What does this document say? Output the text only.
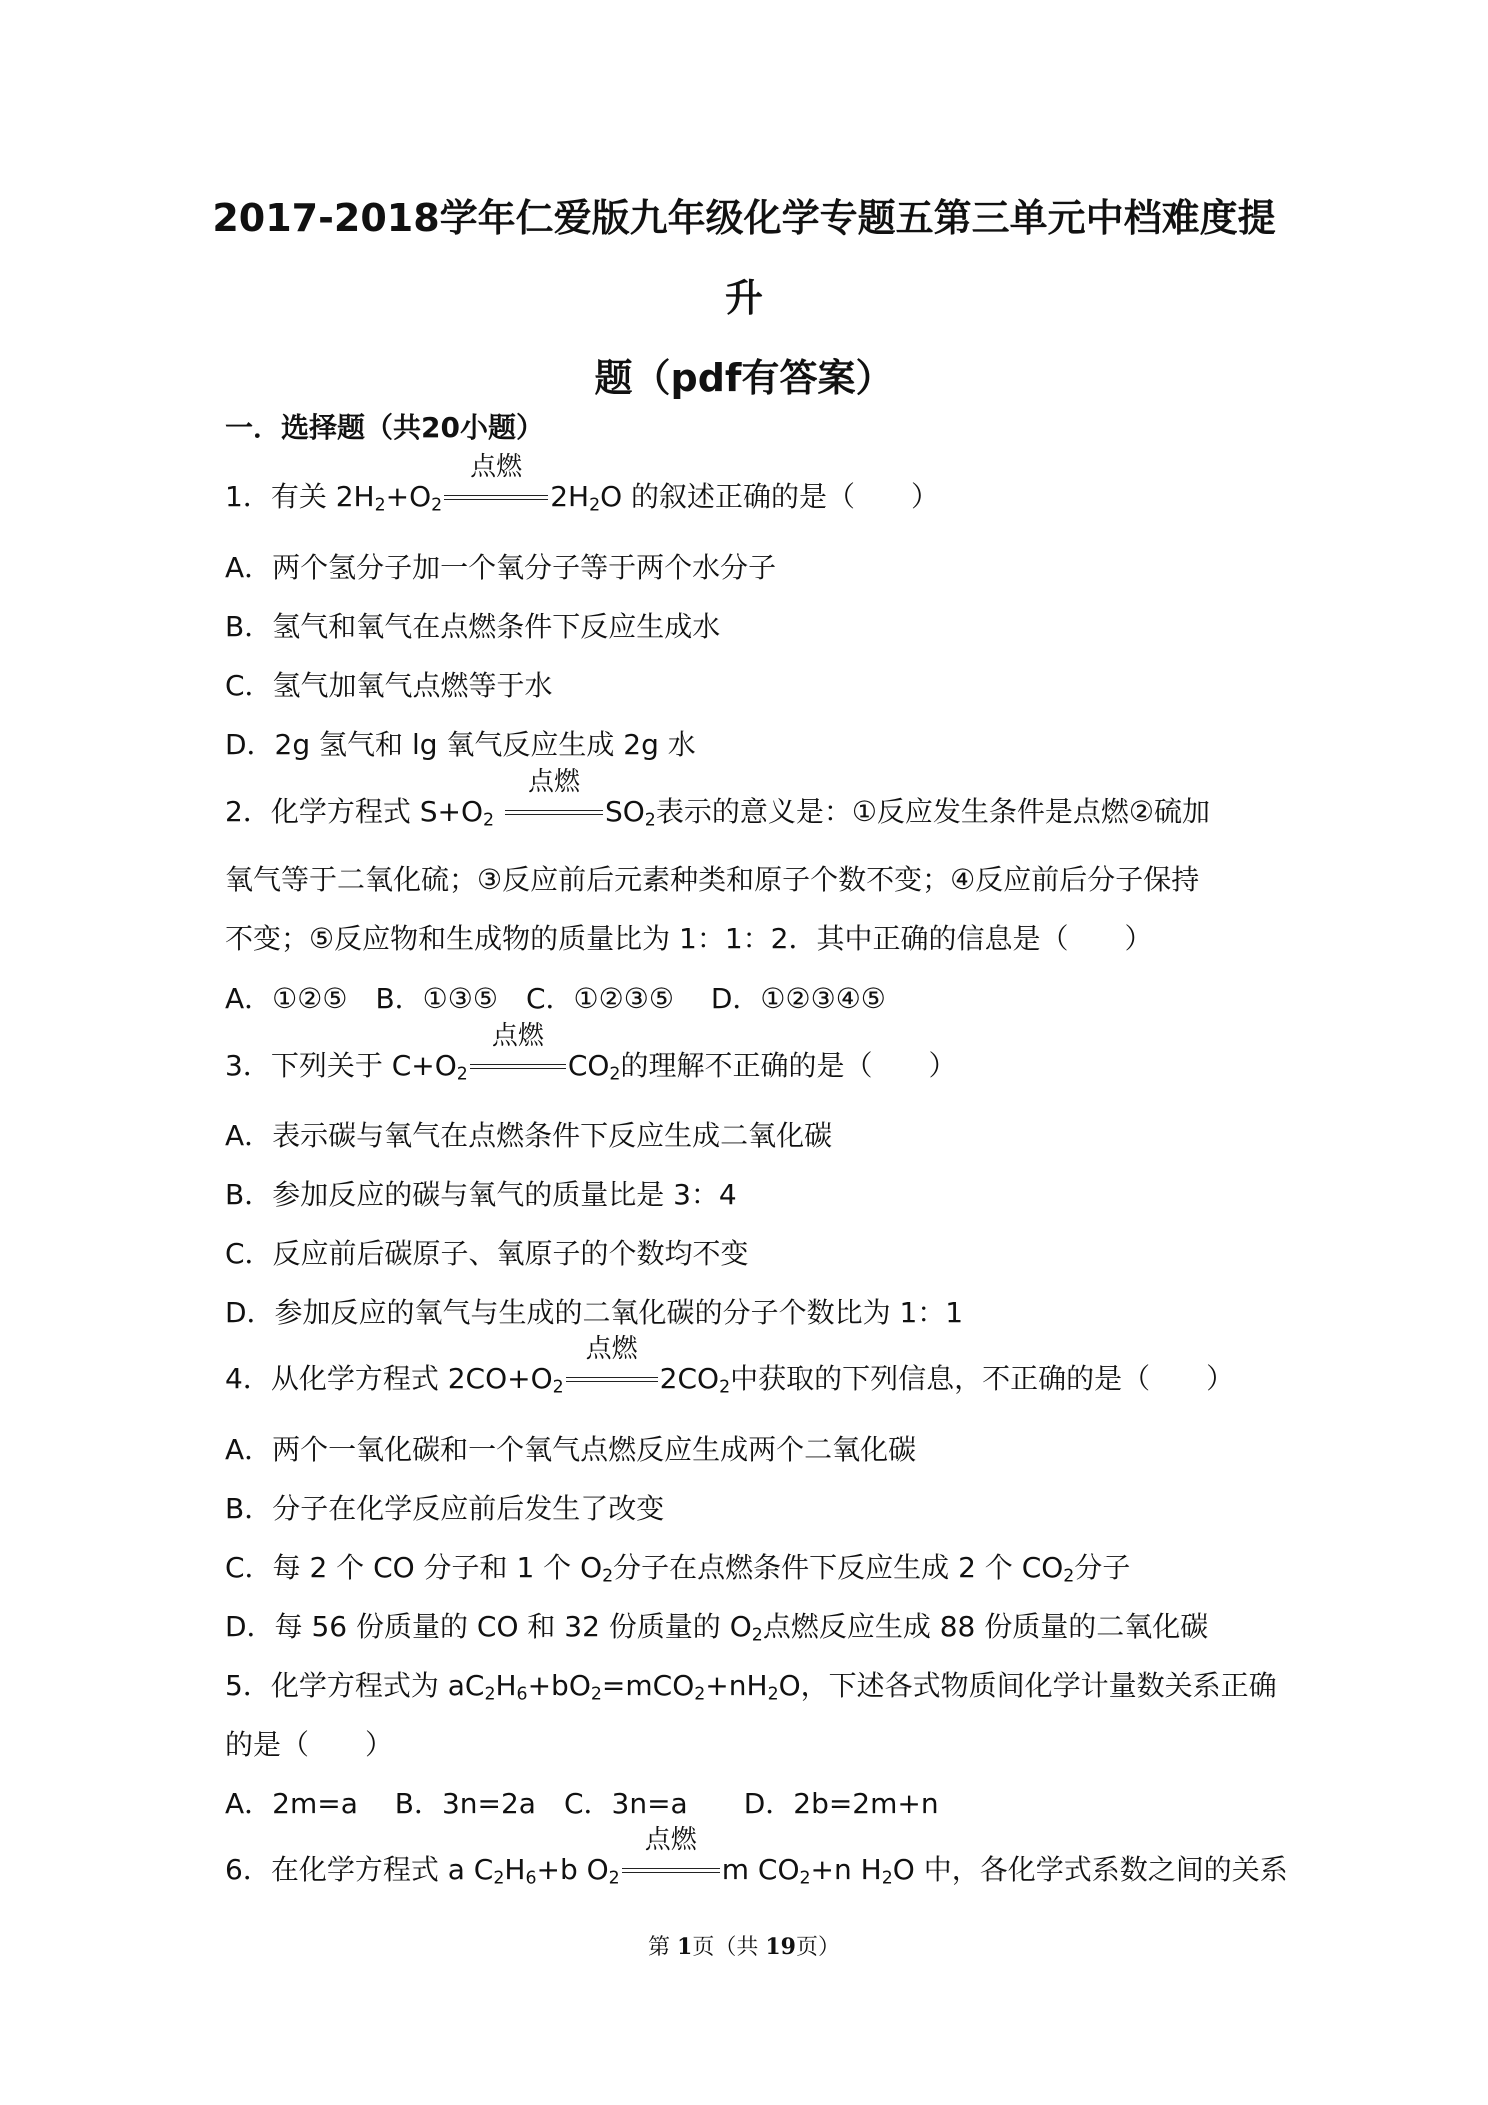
2017-2018学年仁爱版九年级化学专题五第三单元中档难度提升
题（pdf有答案）
一．选择题（共20小题）
1．有关 $2H_2+O_2$
点燃
$2H_2O$ 的叙述正确的是（　　）
A．两个氢分子加一个氧分子等于两个水分子
B．氢气和氧气在点燃条件下反应生成水
C．氢气加氧气点燃等于水
D．2g 氢气和 lg 氧气反应生成 2g 水
2．化学方程式 $S+O_2$
点燃
$SO_2$表示的意义是：①反应发生条件是点燃②硫加
氧气等于二氧化硫；③反应前后元素种类和原子个数不变；④反应前后分子保持
不变；⑤反应物和生成物的质量比为 1：1：2．其中正确的信息是（　　）
A．①②⑤　B．①③⑤　C．①②③⑤　 D．①②③④⑤
3．下列关于 $C+O_2$
点燃
$CO_2$的理解不正确的是（　　）
A．表示碳与氧气在点燃条件下反应生成二氧化碳
B．参加反应的碳与氧气的质量比是 3：4
C．反应前后碳原子、氧原子的个数均不变
D．参加反应的氧气与生成的二氧化碳的分子个数比为 1：1
4．从化学方程式 $2CO+O_2$
点燃
$2CO_2$中获取的下列信息，不正确的是（　　）
A．两个一氧化碳和一个氧气点燃反应生成两个二氧化碳
B．分子在化学反应前后发生了改变
C．每 2 个 CO 分子和 1 个 $O_2$分子在点燃条件下反应生成 2 个 $CO_2$分子
D．每 56 份质量的 CO 和 32 份质量的 $O_2$点燃反应生成 88 份质量的二氧化碳
5．化学方程式为 $aC_2H_6+bO_2=mCO_2+nH_2O$，下述各式物质间化学计量数关系正确
的是（　　）
A．2m=a　 B．3n=2a　C．3n=a　　D．2b=2m+n
6．在化学方程式 a $C_2H_6+b$ $O_2$
点燃
m $CO_2+n$ $H_2O$ 中，各化学式系数之间的关系
第 1页（共 19页）
